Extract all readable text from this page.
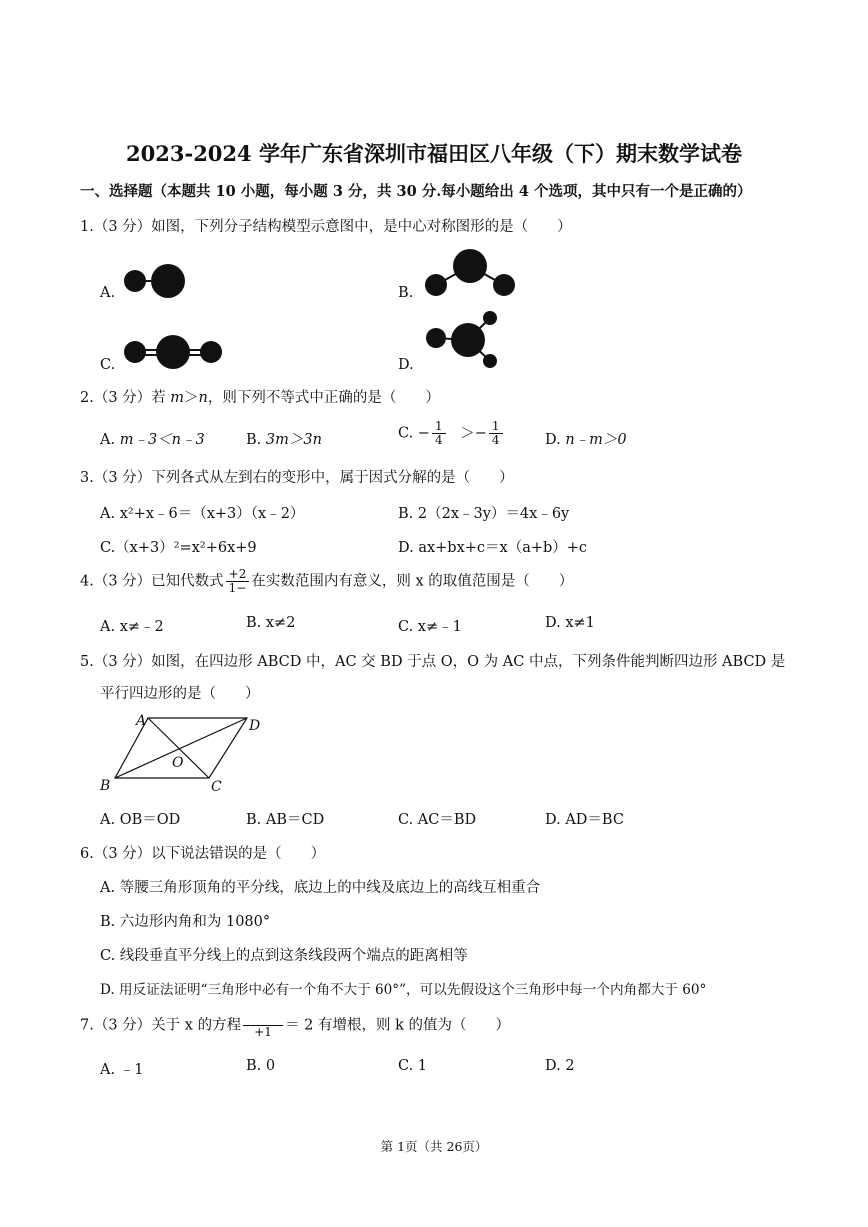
2023-2024 学年广东省深圳市福田区八年级（下）期末数学试卷
一、选择题（本题共 10 小题，每小题 3 分，共 30 分.每小题给出 4 个选项，其中只有一个是正确的）
1.（3 分）如图，下列分子结构模型示意图中，是中心对称图形的是（　　）
A.	B.
C.	D.
2.（3 分）若 m＞n，则下列不等式中正确的是（　　）
A. m﹣3＜n﹣3	B. 3m＞3n	C. − $\frac{1}{4} >- \frac{1}{4}$	D. n﹣m＞0
3.（3 分）下列各式从左到右的变形中，属于因式分解的是（　　）
A. x²+x﹣6＝（x+3）（x﹣2）	B. 2（2x﹣3y）＝4x﹣6y
C.（x+3）²=x²+6x+9	D. ax+bx+c＝x（a+b）+c
4.（3 分）已知代数式 $\frac{+2}{1-}$ 在实数范围内有意义，则 x 的取值范围是（　　）
A. x≠﹣2	B. x≠2	C. x≠﹣1	D. x≠1
5.（3 分）如图，在四边形 ABCD 中，AC 交 BD 于点 O，O 为 AC 中点，下列条件能判断四边形 ABCD 是
平行四边形的是（　　）
A	D
B	C
O
A. OB＝OD	B. AB＝CD	C. AC＝BD	D. AD＝BC
6.（3 分）以下说法错误的是（　　）
A. 等腰三角形顶角的平分线，底边上的中线及底边上的高线互相重合
B. 六边形内角和为 1080°
C. 线段垂直平分线上的点到这条线段两个端点的距离相等
D. 用反证法证明“三角形中必有一个角不大于 60°”，可以先假设这个三角形中每一个内角都大于 60°
7.（3 分）关于 x 的方程	+1 ＝ 2 有增根，则 k 的值为（　　）
A. ﹣1	B. 0	C. 1	D. 2
第 1页（共 26页）
